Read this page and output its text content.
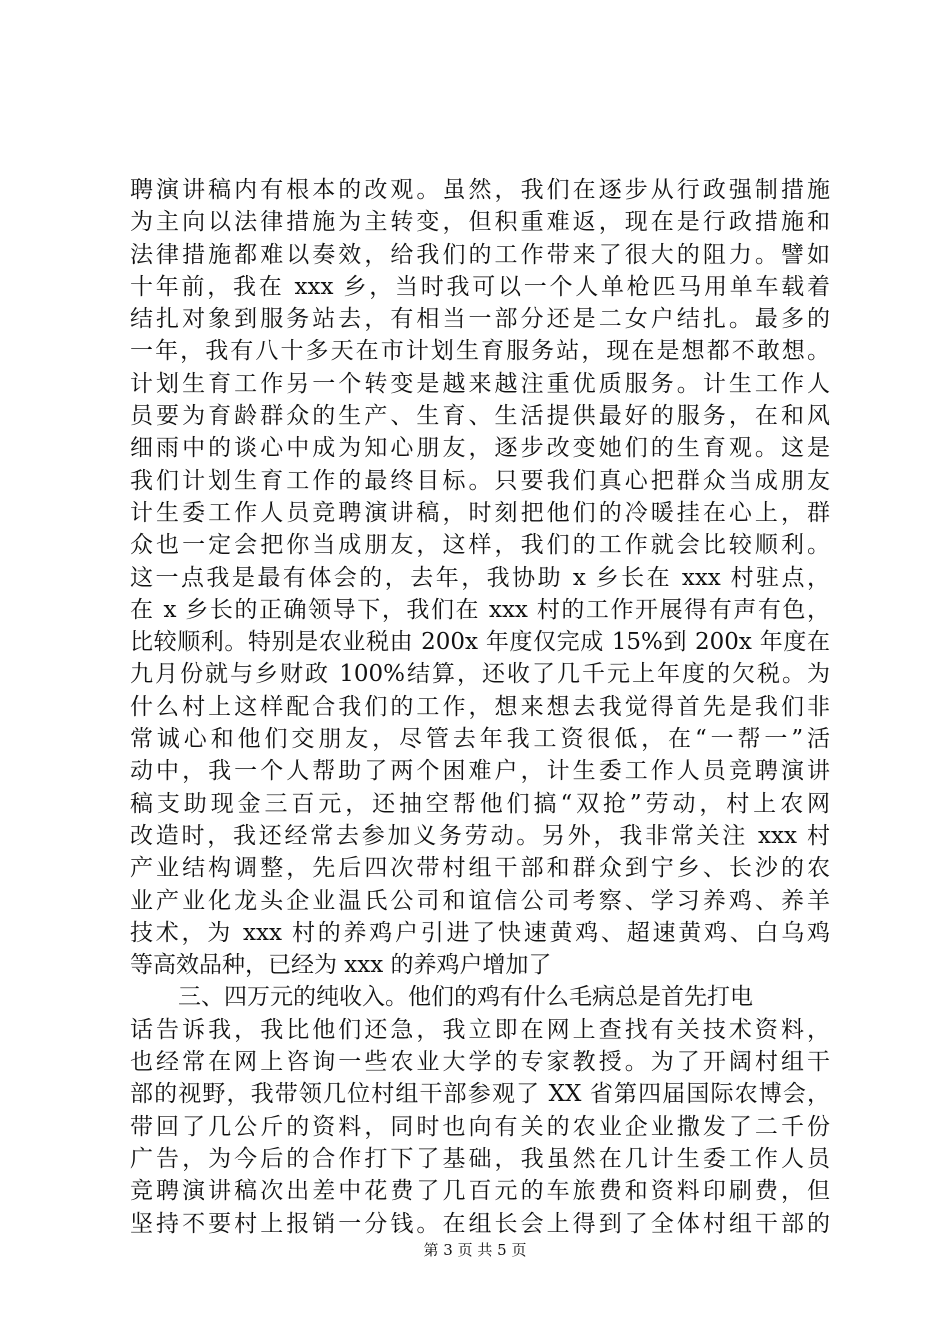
聘演讲稿内有根本的改观。虽然，我们在逐步从行政强制措施
为主向以法律措施为主转变，但积重难返，现在是行政措施和
法律措施都难以奏效，给我们的工作带来了很大的阻力。譬如
十年前，我在 xxx 乡，当时我可以一个人单枪匹马用单车载着
结扎对象到服务站去，有相当一部分还是二女户结扎。最多的
一年，我有八十多天在市计划生育服务站，现在是想都不敢想。
计划生育工作另一个转变是越来越注重优质服务。计生工作人
员要为育龄群众的生产、生育、生活提供最好的服务，在和风
细雨中的谈心中成为知心朋友，逐步改变她们的生育观。这是
我们计划生育工作的最终目标。只要我们真心把群众当成朋友
计生委工作人员竞聘演讲稿，时刻把他们的冷暖挂在心上，群
众也一定会把你当成朋友，这样，我们的工作就会比较顺利。
这一点我是最有体会的，去年，我协助 x 乡长在 xxx 村驻点，
在 x 乡长的正确领导下，我们在 xxx 村的工作开展得有声有色，
比较顺利。特别是农业税由 200x 年度仅完成 15%到 200x 年度在
九月份就与乡财政 100%结算，还收了几千元上年度的欠税。为
什么村上这样配合我们的工作，想来想去我觉得首先是我们非
常诚心和他们交朋友，尽管去年我工资很低，在“一帮一”活
动中，我一个人帮助了两个困难户，计生委工作人员竞聘演讲
稿支助现金三百元，还抽空帮他们搞“双抢”劳动，村上农网
改造时，我还经常去参加义务劳动。另外，我非常关注 xxx 村
产业结构调整，先后四次带村组干部和群众到宁乡、长沙的农
业产业化龙头企业温氏公司和谊信公司考察、学习养鸡、养羊
技术，为 xxx 村的养鸡户引进了快速黄鸡、超速黄鸡、白乌鸡
等高效品种，已经为 xxx 的养鸡户增加了
三、四万元的纯收入。他们的鸡有什么毛病总是首先打电
话告诉我，我比他们还急，我立即在网上查找有关技术资料，
也经常在网上咨询一些农业大学的专家教授。为了开阔村组干
部的视野，我带领几位村组干部参观了 XX 省第四届国际农博会，
带回了几公斤的资料，同时也向有关的农业企业撒发了二千份
广告，为今后的合作打下了基础，我虽然在几计生委工作人员
竞聘演讲稿次出差中花费了几百元的车旅费和资料印刷费，但
坚持不要村上报销一分钱。在组长会上得到了全体村组干部的
第 3 页 共 5 页
